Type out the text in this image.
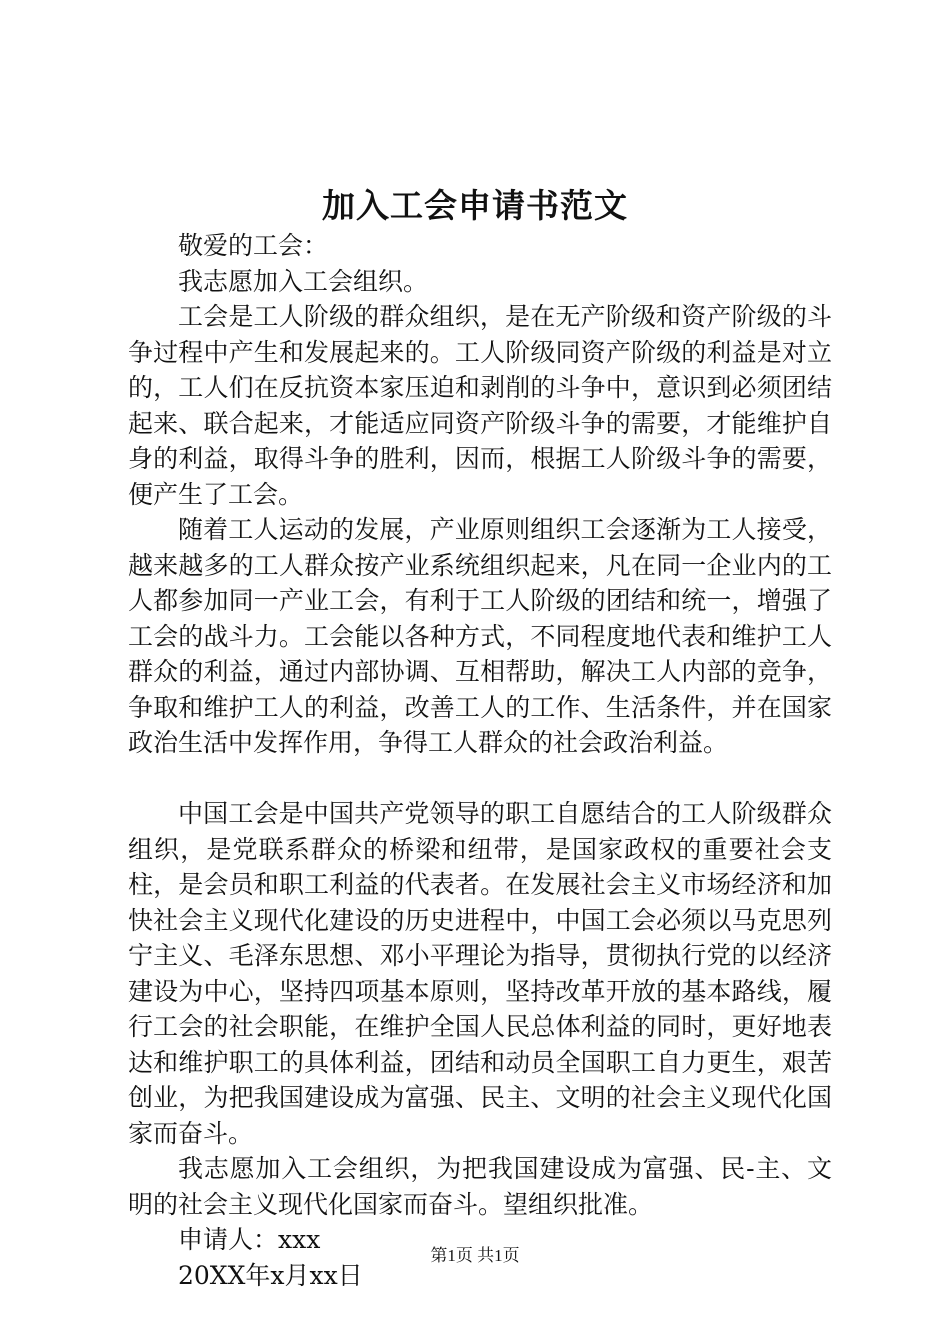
加入工会申请书范文

敬爱的工会：

我志愿加入工会组织。

工会是工人阶级的群众组织，是在无产阶级和资产阶级的斗争过程中产生和发展起来的。工人阶级同资产阶级的利益是对立的，工人们在反抗资本家压迫和剥削的斗争中，意识到必须团结起来、联合起来，才能适应同资产阶级斗争的需要，才能维护自身的利益，取得斗争的胜利，因而，根据工人阶级斗争的需要，便产生了工会。

随着工人运动的发展，产业原则组织工会逐渐为工人接受，越来越多的工人群众按产业系统组织起来，凡在同一企业内的工人都参加同一产业工会，有利于工人阶级的团结和统一，增强了工会的战斗力。工会能以各种方式，不同程度地代表和维护工人群众的利益，通过内部协调、互相帮助，解决工人内部的竞争，争取和维护工人的利益，改善工人的工作、生活条件，并在国家政治生活中发挥作用，争得工人群众的社会政治利益。

中国工会是中国共产党领导的职工自愿结合的工人阶级群众组织，是党联系群众的桥梁和纽带，是国家政权的重要社会支柱，是会员和职工利益的代表者。在发展社会主义市场经济和加快社会主义现代化建设的历史进程中，中国工会必须以马克思列宁主义、毛泽东思想、邓小平理论为指导，贯彻执行党的以经济建设为中心，坚持四项基本原则，坚持改革开放的基本路线，履行工会的社会职能，在维护全国人民总体利益的同时，更好地表达和维护职工的具体利益，团结和动员全国职工自力更生，艰苦创业，为把我国建设成为富强、民主、文明的社会主义现代化国家而奋斗。

我志愿加入工会组织，为把我国建设成为富强、民-主、文明的社会主义现代化国家而奋斗。望组织批准。

申请人：xxx

20XX年x月xx日

第1页 共1页
